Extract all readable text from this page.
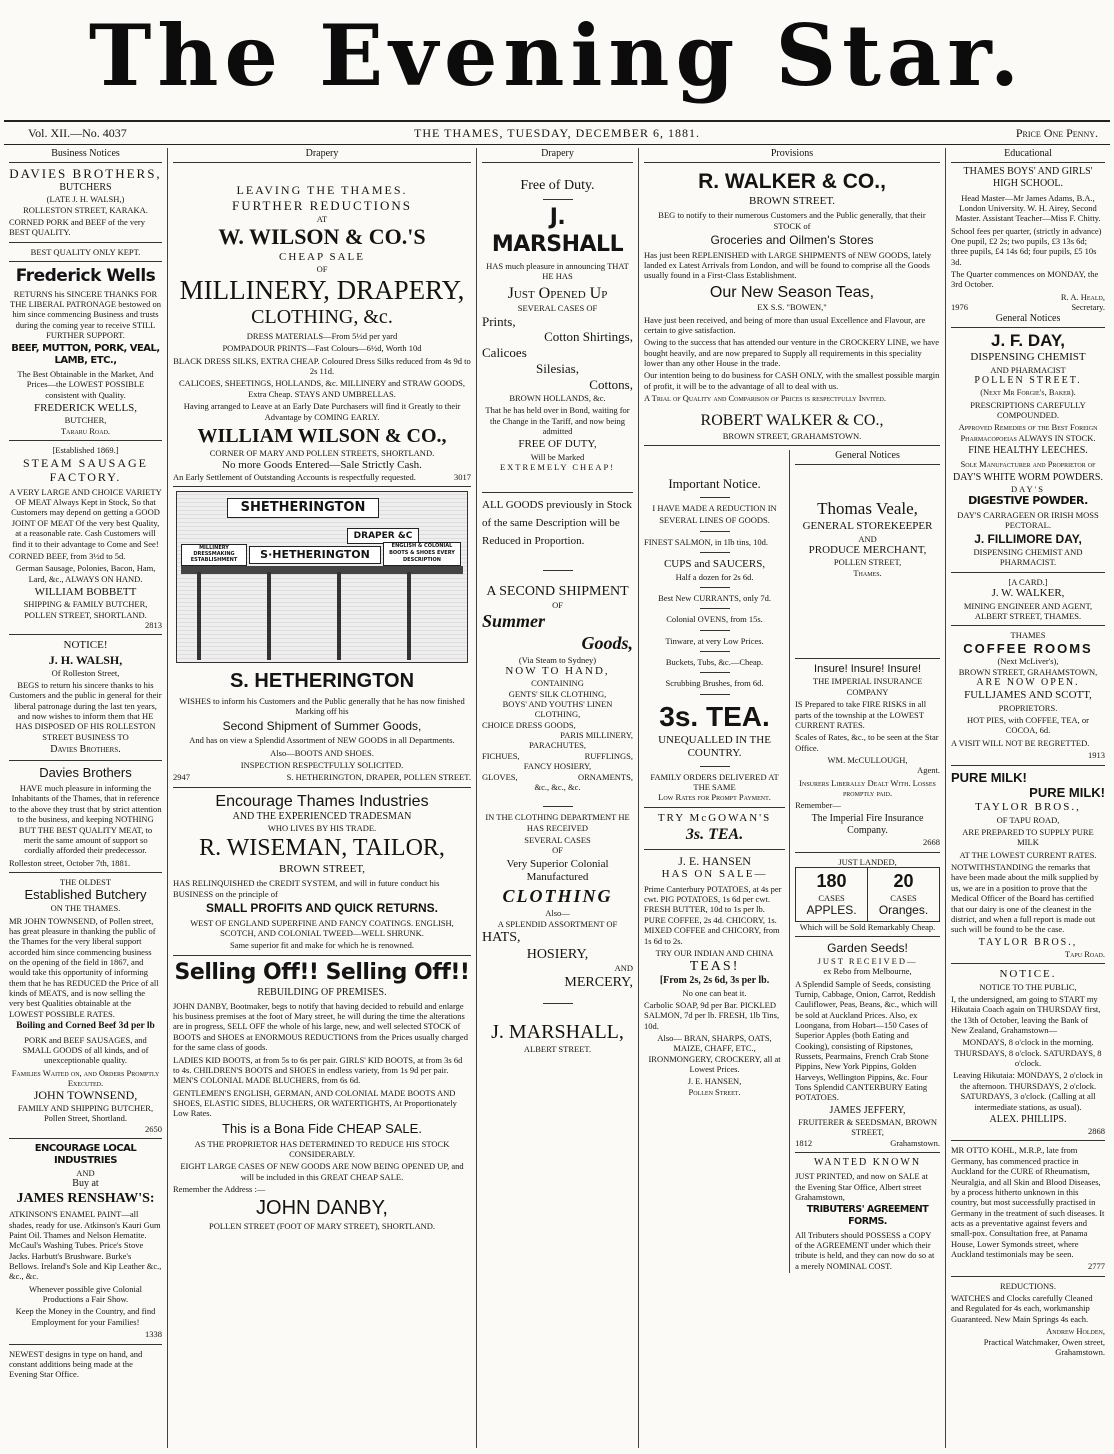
The Evening Star.
Vol. XII.—No. 4037	THE THAMES, TUESDAY, DECEMBER 6, 1881.	Price One Penny.
Business Notices
DAVIES BROTHERS,
BUTCHERS
(LATE J. H. WALSH,)
ROLLESTON STREET, KARAKA.

CORNED PORK and BEEF of the very BEST QUALITY.

BEST QUALITY ONLY KEPT.
Frederick Wells

RETURNS his SINCERE THANKS FOR THE LIBERAL PATRONAGE bestowed on him since commencing Business and trusts during the coming year to receive STILL FURTHER SUPPORT.

BEEF, MUTTON, PORK, VEAL, LAMB, ETC.,

The Best Obtainable in the Market, And Prices—the LOWEST POSSIBLE consistent with Quality.

FREDERICK WELLS,
BUTCHER,
Tararu Road.
[Established 1869.]
STEAM SAUSAGE FACTORY.

A VERY LARGE AND CHOICE VARIETY OF MEAT Always Kept in Stock, So that Customers may depend on getting a GOOD JOINT OF MEAT Of the very best Quality, at a reasonable rate. Cash Customers will find it to their advantage to Come and See!

CORNED BEEF, from 3½d to 5d.

German Sausage, Polonies, Bacon, Ham, Lard, &c., ALWAYS ON HAND.

WILLIAM BOBBETT
SHIPPING & FAMILY BUTCHER, POLLEN STREET, SHORTLAND.
2813
NOTICE!
J. H. WALSH,
Of Rolleston Street,

BEGS to return his sincere thanks to his Customers and the public in general for their liberal patronage during the last ten years, and now wishes to inform them that HE HAS DISPOSED OF HIS ROLLESTON STREET BUSINESS TO

Davies Brothers.
Davies Brothers

HAVE much pleasure in informing the Inhabitants of the Thames, that in reference to the above they trust that by strict attention to the business, and keeping NOTHING BUT THE BEST QUALITY MEAT, to merit the same amount of support so cordially afforded their predecessor.

Rolleston street, October 7th, 1881.

THE OLDEST
Established Butchery
ON THE THAMES.

MR JOHN TOWNSEND, of Pollen street, has great pleasure in thanking the public of the Thames for the very liberal support accorded him since commencing business on the opening of the field in 1867, and would take this opportunity of informing them that he has REDUCED the Price of all kinds of MEATS, and is now selling the very best Qualities obtainable at the LOWEST POSSIBLE RATES.

Boiling and Corned Beef 3d per lb

PORK and BEEF SAUSAGES, and SMALL GOODS of all kinds, and of unexceptionable quality.

Families Waited on, and Orders Promptly Executed.
JOHN TOWNSEND,
FAMILY AND SHIPPING BUTCHER, Pollen Street, Shortland.
2650
ENCOURAGE LOCAL INDUSTRIES
AND
Buy at
JAMES RENSHAW'S:

ATKINSON'S ENAMEL PAINT—all shades, ready for use. Atkinson's Kauri Gum Paint Oil. Thames and Nelson Hematite. McCaul's Washing Tubes. Price's Stove Jacks. Harbutt's Brushware. Burke's Bellows. Ireland's Sole and Kip Leather &c., &c., &c.

Whenever possible give Colonial Productions a Fair Show.

Keep the Money in the Country, and find Employment for your Families!

1338

NEWEST designs in type on hand, and constant additions being made at the Evening Star Office.

Drapery
LEAVING THE THAMES.
FURTHER REDUCTIONS
AT
W. WILSON & CO.'S
CHEAP SALE
OF
MILLINERY, DRAPERY,
CLOTHING, &c.

DRESS MATERIALS—From 5½d per yard

POMPADOUR PRINTS—Fast Colours—6½d, Worth 10d

BLACK DRESS SILKS, EXTRA CHEAP. Coloured Dress Silks reduced from 4s 9d to 2s 11d.

CALICOES, SHEETINGS, HOLLANDS, &c. MILLINERY and STRAW GOODS, Extra Cheap. STAYS AND UMBRELLAS.

Having arranged to Leave at an Early Date Purchasers will find it Greatly to their Advantage by COMING EARLY.

WILLIAM WILSON & CO.,
CORNER OF MARY AND POLLEN STREETS, SHORTLAND.
No more Goods Entered—Sale Strictly Cash.
An Early Settlement of Outstanding Accounts is respectfully requested.	3017
SHETHERINGTON
DRAPER &C
MILLINERY DRESSMAKING ESTABLISHMENT	S·HETHERINGTON
ENGLISH & COLONIAL BOOTS & SHOES EVERY DESCRIPTION
S. HETHERINGTON

WISHES to inform his Customers and the Public generally that he has now finished Marking off his

Second Shipment of Summer Goods,

And has on view a Splendid Assortment of NEW GOODS in all Departments.

Also—BOOTS AND SHOES.

INSPECTION RESPECTFULLY SOLICITED.

2947	S. HETHERINGTON, DRAPER, POLLEN STREET.
Encourage Thames Industries
AND THE EXPERIENCED TRADESMAN
WHO LIVES BY HIS TRADE.
R. WISEMAN, TAILOR,
BROWN STREET,

HAS RELINQUISHED the CREDIT SYSTEM, and will in future conduct his BUSINESS on the principle of

SMALL PROFITS AND QUICK RETURNS.

WEST OF ENGLAND SUPERFINE AND FANCY COATINGS. ENGLISH, SCOTCH, AND COLONIAL TWEED—WELL SHRUNK.

Same superior fit and make for which he is renowned.

Selling Off!! Selling Off!!
REBUILDING OF PREMISES.

JOHN DANBY, Bootmaker, begs to notify that having decided to rebuild and enlarge his business premises at the foot of Mary street, he will during the time the alterations are in progress, SELL OFF the whole of his large, new, and well selected STOCK of BOOTS and SHOES at ENORMOUS REDUCTIONS from the Prices usually charged for the same class of goods.

LADIES KID BOOTS, at from 5s to 6s per pair. GIRLS' KID BOOTS, at from 3s 6d to 4s. CHILDREN'S BOOTS and SHOES in endless variety, from 1s 9d per pair. MEN'S COLONIAL MADE BLUCHERS, from 6s 6d.

GENTLEMEN'S ENGLISH, GERMAN, AND COLONIAL MADE BOOTS AND SHOES, ELASTIC SIDES, BLUCHERS, OR WATERTIGHTS, At Proportionately Low Rates.

This is a Bona Fide CHEAP SALE.

AS THE PROPRIETOR HAS DETERMINED TO REDUCE HIS STOCK CONSIDERABLY.

EIGHT LARGE CASES OF NEW GOODS ARE NOW BEING OPENED UP, and will be included in this GREAT CHEAP SALE.

Remember the Address :—

JOHN DANBY,
POLLEN STREET (FOOT OF MARY STREET), SHORTLAND.
Drapery
Free of Duty.
J. MARSHALL

HAS much pleasure in announcing THAT HE HAS

Just Opened Up
SEVERAL CASES OF
Prints,
Cotton Shirtings,
Calicoes
Silesias,
Cottons,
BROWN HOLLANDS, &c.

That he has held over in Bond, waiting for the Change in the Tariff, and now being admitted

FREE OF DUTY,
Will be Marked
EXTREMELY CHEAP!

ALL GOODS previously in Stock of the same Description will be Reduced in Proportion.

A SECOND SHIPMENT
OF
Summer
Goods,
(Via Steam to Sydney)
NOW TO HAND,
CONTAINING
GENTS' SILK CLOTHING,
BOYS' AND YOUTHS' LINEN CLOTHING,
CHOICE DRESS GOODS,
PARIS MILLINERY,
PARACHUTES,
FICHUES,	RUFFLINGS,
FANCY HOSIERY,
GLOVES,	ORNAMENTS,
&c., &c., &c.

IN THE CLOTHING DEPARTMENT HE HAS RECEIVED

SEVERAL CASES
OF

Very Superior Colonial Manufactured

CLOTHING
Also—
A SPLENDID ASSORTMENT OF
HATS,
HOSIERY,
AND
MERCERY,
J. MARSHALL,
ALBERT STREET.
Provisions
R. WALKER & CO.,
BROWN STREET.

BEG to notify to their numerous Customers and the Public generally, that their STOCK of

Groceries and Oilmen's Stores

Has just been REPLENISHED with LARGE SHIPMENTS of NEW GOODS, lately landed ex Latest Arrivals from London, and will be found to comprise all the Goods usually found in a First-Class Establishment.

Our New Season Teas,
EX S.S. "BOWEN,"

Have just been received, and being of more than usual Excellence and Flavour, are certain to give satisfaction.

Owing to the success that has attended our venture in the CROCKERY LINE, we have bought heavily, and are now prepared to Supply all requirements in this speciality lower than any other House in the trade.

Our intention being to do business for CASH ONLY, with the smallest possible margin of profit, it will be to the advantage of all to deal with us.

A Trial of Quality and Comparison of Prices is respectfully Invited.

ROBERT WALKER & CO.,
BROWN STREET, GRAHAMSTOWN.
Important Notice.

I HAVE MADE A REDUCTION IN

SEVERAL LINES OF GOODS.

FINEST SALMON, in 1lb tins, 10d.

CUPS and SAUCERS,
Half a dozen for 2s 6d.

Best New CURRANTS, only 7d.

Colonial OVENS, from 15s.

Tinware, at very Low Prices.

Buckets, Tubs, &c.—Cheap.

Scrubbing Brushes, from 6d.

3s. TEA.
UNEQUALLED IN THE COUNTRY.
FAMILY ORDERS DELIVERED AT THE SAME
Low Rates for Prompt Payment.
TRY McGOWAN'S
3s. TEA.
J. E. HANSEN
HAS ON SALE—

Prime Canterbury POTATOES, at 4s per cwt. PIG POTATOES, 1s 6d per cwt. FRESH BUTTER, 10d to 1s per lb. PURE COFFEE, 2s 4d. CHICORY, 1s. MIXED COFFEE and CHICORY, from 1s 6d to 2s.

TRY OUR INDIAN AND CHINA
TEAS!
[From 2s, 2s 6d, 3s per lb.
No one can beat it.

Carbolic SOAP, 9d per Bar. PICKLED SALMON, 7d per lb. FRESH, 1lb Tins, 10d.

Also— BRAN, SHARPS, OATS, MAIZE, CHAFF, ETC., IRONMONGERY, CROCKERY, all at Lowest Prices.

J. E. HANSEN,
Pollen Street.
General Notices
Thomas Veale,
GENERAL STOREKEEPER
AND
PRODUCE MERCHANT,
POLLEN STREET,
Thames.
Insure! Insure! Insure!
THE IMPERIAL INSURANCE COMPANY

IS Prepared to take FIRE RISKS in all parts of the township at the LOWEST CURRENT RATES.

Scales of Rates, &c., to be seen at the Star Office.

WM. McCULLOUGH,
Agent.

Insurers Liberally Dealt With. Losses promptly paid.

Remember—

The Imperial Fire Insurance Company.
2668
JUST LANDED,
180
CASES
APPLES.
20
CASES
Oranges.
Which will be Sold Remarkably Cheap.
Garden Seeds!
JUST RECEIVED—
ex Rebo from Melbourne,

A Splendid Sample of Seeds, consisting Turnip, Cabbage, Onion, Carrot, Reddish Cauliflower, Peas, Beans, &c., which will be sold at Auckland Prices. Also, ex Loongana, from Hobart—150 Cases of Superior Apples (both Eating and Cooking), consisting of Ripstones, Russets, Pearmains, French Crab Stone Pippins, New York Pippins, Golden Harveys, Wellington Pippins, &c. Four Tons Splendid CANTERBURY Eating POTATOES.

JAMES JEFFERY,
FRUITERER & SEEDSMAN, BROWN STREET,
1812	Grahamstown.
WANTED KNOWN

JUST PRINTED, and now on SALE at the Evening Star Office, Albert street Grahamstown,

TRIBUTERS' AGREEMENT FORMS.

All Tributers should POSSESS a COPY of the AGREEMENT under which their tribute is held, and they can now do so at a merely NOMINAL COST.

Educational

THAMES BOYS' AND GIRLS' HIGH SCHOOL.

Head Master—Mr James Adams, B.A., London University. W. H. Airey, Second Master. Assistant Teacher—Miss F. Chitty.

School fees per quarter, (strictly in advance) One pupil, £2 2s; two pupils, £3 13s 6d; three pupils, £4 14s 6d; four pupils, £5 10s 3d.

The Quarter commences on MONDAY, the 3rd October.

R. A. Heald,
1976	Secretary.
General Notices
J. F. DAY,
DISPENSING CHEMIST
AND PHARMACIST
POLLEN STREET.
(Next Mr Forgie's, Baker).

PRESCRIPTIONS CAREFULLY COMPOUNDED.

Approved Remedies of the Best Foreign Pharmacopoeias ALWAYS IN STOCK.

FINE HEALTHY LEECHES.

Sole Manufacturer and Proprietor of

DAY'S WHITE WORM POWDERS.
DAY'S
DIGESTIVE POWDER.

DAY'S CARRAGEEN OR IRISH MOSS PECTORAL.

J. FILLIMORE DAY,
DISPENSING CHEMIST AND PHARMACIST.
[A CARD.]
J. W. WALKER,
MINING ENGINEER AND AGENT, ALBERT STREET, THAMES.
THAMES
COFFEE ROOMS
(Next McLiver's),
BROWN STREET, GRAHAMSTOWN,
ARE NOW OPEN.
FULLJAMES AND SCOTT,
PROPRIETORS.

HOT PIES, with COFFEE, TEA, or COCOA, 6d.

A VISIT WILL NOT BE REGRETTED.

1913
PURE MILK!
PURE MILK!
TAYLOR BROS.,
OF TAPU ROAD,

ARE PREPARED TO SUPPLY PURE MILK

AT THE LOWEST CURRENT RATES.

NOTWITHSTANDING the remarks that have been made about the milk supplied by us, we are in a position to prove that the Medical Officer of the Board has certified that our dairy is one of the cleanest in the district, and when a full report is made out such will be found to be the case.

TAYLOR BROS.,
Tapu Road.
NOTICE.
NOTICE TO THE PUBLIC,

I, the undersigned, am going to START my Hikutaia Coach again on THURSDAY first, the 13th of October, leaving the Bank of New Zealand, Grahamstown—

MONDAYS, 8 o'clock in the morning. THURSDAYS, 8 o'clock. SATURDAYS, 8 o'clock.

Leaving Hikutaia: MONDAYS, 2 o'clock in the afternoon. THURSDAYS, 2 o'clock. SATURDAYS, 3 o'clock. (Calling at all intermediate stations, as usual).

ALEX. PHILLIPS.
2868

MR OTTO KOHL, M.R.P., late from Germany, has commenced practice in Auckland for the CURE of Rheumatism, Neuralgia, and all Skin and Blood Diseases, by a process hitherto unknown in this country, but most successfully practised in Germany in the treatment of such diseases. It acts as a preventative against fevers and small-pox. Consultation free, at Panama House, Lower Symonds street, where Auckland testimonials may be seen.

2777
REDUCTIONS.

WATCHES and Clocks carefully Cleaned and Regulated for 4s each, workmanship Guaranteed. New Main Springs 4s each.

Andrew Holden,
Practical Watchmaker, Owen street, Grahamstown.
